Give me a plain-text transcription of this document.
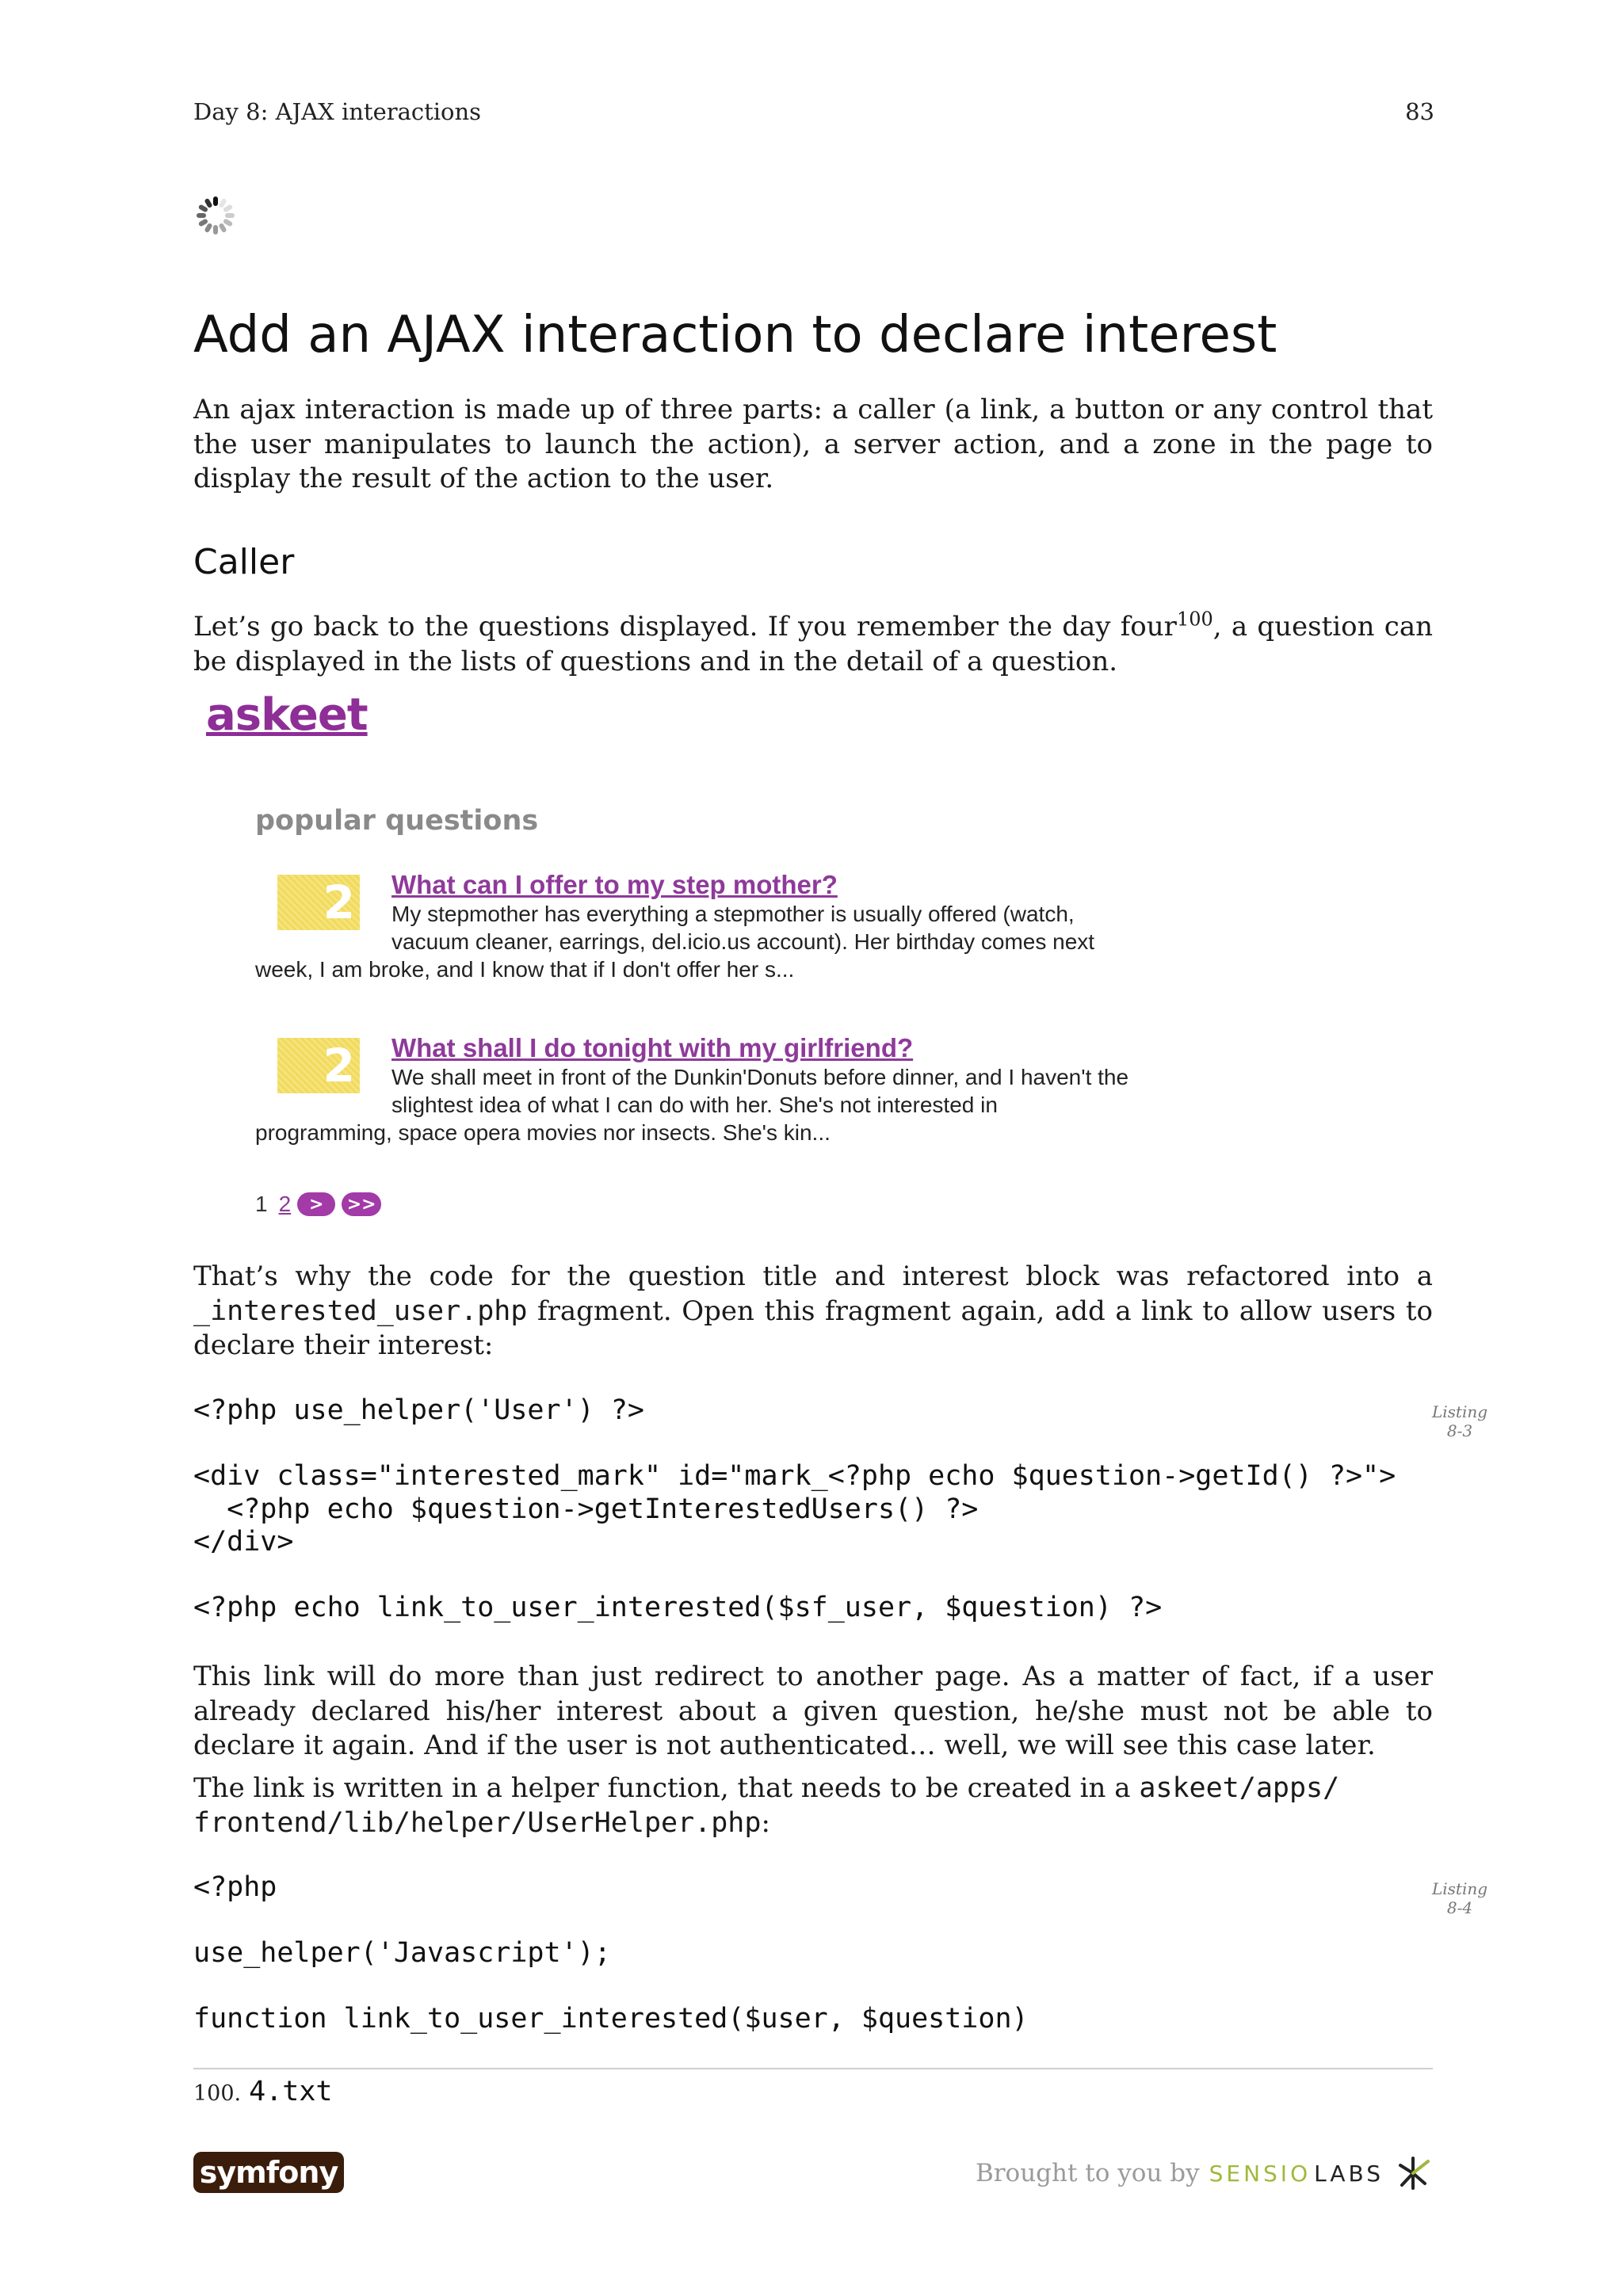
Day 8: AJAX interactions	83
Add an AJAX interaction to declare interest

An ajax interaction is made up of three parts: a caller (a link, a button or any control that the user manipulates to launch the action), a server action, and a zone in the page to display the result of the action to the user.

Caller

Let’s go back to the questions displayed. If you remember the day four$^{100}$, a question can be displayed in the lists of questions and in the detail of a question.

askeet
popular questions
2 What can I offer to my step mother?
My stepmother has everything a stepmother is usually offered (watch,
vacuum cleaner, earrings, del.icio.us account). Her birthday comes next
week, I am broke, and I know that if I don't offer her s...
2 What shall I do tonight with my girlfriend?
We shall meet in front of the Dunkin'Donuts before dinner, and I haven't the
slightest idea of what I can do with her. She's not interested in
programming, space opera movies nor insects. She's kin...
1 2	>	>>

That’s why the code for the question title and interest block was refactored into a _interested_user.php fragment. Open this fragment again, add a link to allow users to declare their interest:

<?php use_helper('User') ?>

<div class="interested_mark" id="mark_<?php echo $question->getId() ?>">
<?php echo $question->getInterestedUsers() ?>
</div>

<?php echo link_to_user_interested($sf_user, $question) ?>
Listing
8-3

This link will do more than just redirect to another page. As a matter of fact, if a user already declared his/her interest about a given question, he/she must not be able to declare it again. And if the user is not authenticated… well, we will see this case later.

The link is written in a helper function, that needs to be created in a askeet/apps/
frontend/lib/helper/UserHelper.php:

<?php

use_helper('Javascript');

function link_to_user_interested($user, $question)
Listing
8-4
100. 4.txt
symfony	Brought to you by SENSIO LABS
